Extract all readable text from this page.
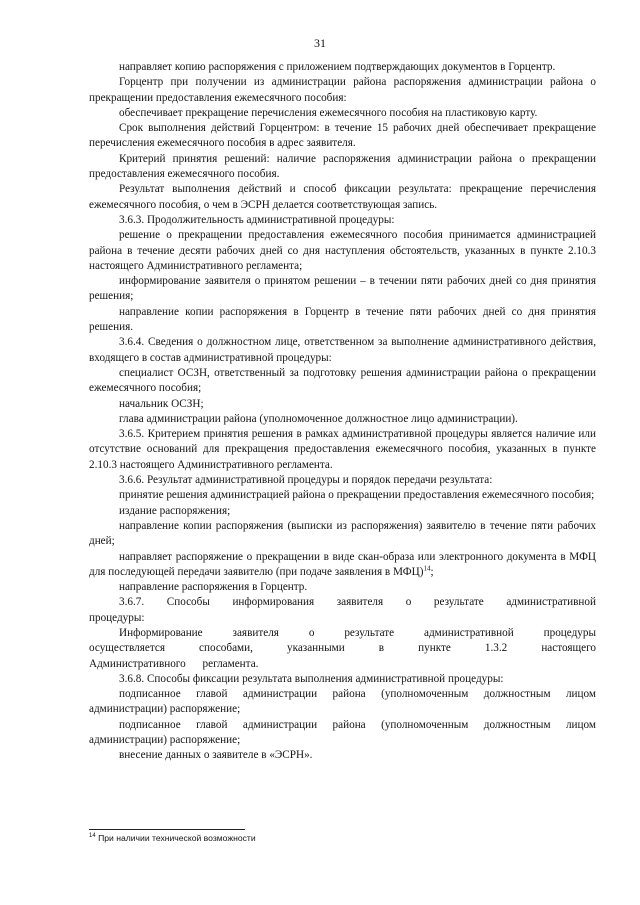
31

направляет копию распоряжения с приложением подтверждающих документов в Горцентр.

Горцентр при получении из администрации района распоряжения администрации района о прекращении предоставления ежемесячного пособия:

обеспечивает прекращение перечисления ежемесячного пособия на пластиковую карту.

Срок выполнения действий Горцентром: в течение 15 рабочих дней обеспечивает прекращение перечисления ежемесячного пособия в адрес заявителя.

Критерий принятия решений: наличие распоряжения администрации района о прекращении предоставления ежемесячного пособия.

Результат выполнения действий и способ фиксации результата: прекращение перечисления ежемесячного пособия, о чем в ЭСРН делается соответствующая запись.

3.6.3. Продолжительность административной процедуры:

решение о прекращении предоставления ежемесячного пособия принимается администрацией района в течение десяти рабочих дней со дня наступления обстоятельств, указанных в пункте 2.10.3 настоящего Административного регламента;

информирование заявителя о принятом решении – в течении пяти рабочих дней со дня принятия решения;

направление копии распоряжения в Горцентр в течение пяти рабочих дней со дня принятия решения.

3.6.4. Сведения о должностном лице, ответственном за выполнение административного действия, входящего в состав административной процедуры:

специалист ОСЗН, ответственный за подготовку решения администрации района о прекращении ежемесячного пособия;

начальник ОСЗН;

глава администрации района (уполномоченное должностное лицо администрации).

3.6.5. Критерием принятия решения в рамках административной процедуры является наличие или отсутствие оснований для прекращения предоставления ежемесячного пособия, указанных в пункте 2.10.3 настоящего Административного регламента.

3.6.6. Результат административной процедуры и порядок передачи результата:

принятие решения администрацией района о прекращении предоставления ежемесячного пособия;

издание распоряжения;

направление копии распоряжения (выписки из распоряжения) заявителю в течение пяти рабочих дней;

направляет распоряжение о прекращении в виде скан-образа или электронного документа в МФЦ для последующей передачи заявителю (при подаче заявления в МФЦ)$^{14}$;

направление распоряжения в Горцентр.

3.6.7. Способы информирования заявителя о результате административной процедуры:

Информирование заявителя о результате административной процедуры осуществляется способами, указанными в пункте 1.3.2 настоящего Административного регламента.

3.6.8. Способы фиксации результата выполнения административной процедуры:

подписанное главой администрации района (уполномоченным должностным лицом администрации) распоряжение;

подписанное главой администрации района (уполномоченным должностным лицом администрации) распоряжение;

внесение данных о заявителе в «ЭСРН».

$^{14}$ При наличии технической возможности
